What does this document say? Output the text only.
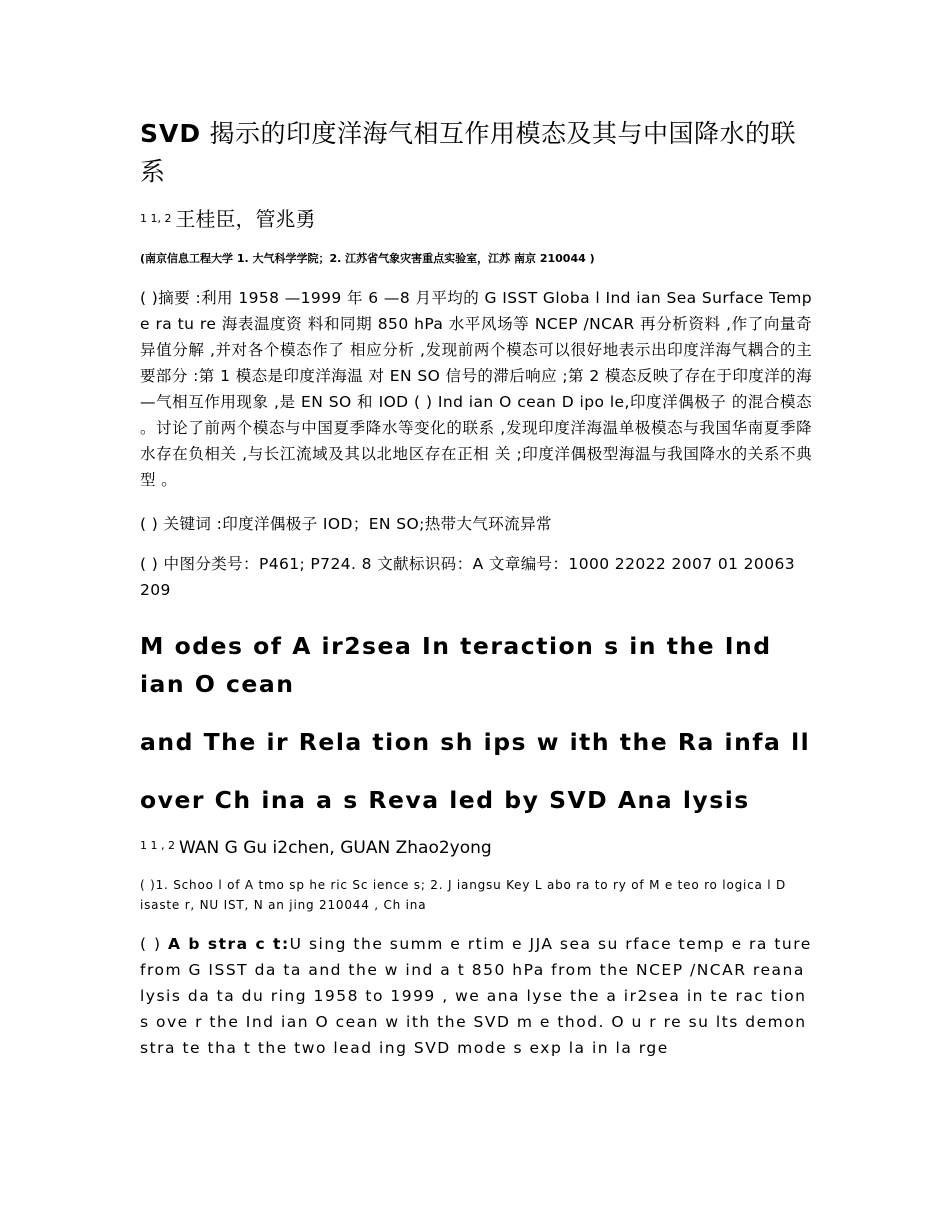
SVD 揭示的印度洋海气相互作用模态及其与中国降水的联系
$^{1 1, 2}$ 王桂臣，管兆勇
(南京信息工程大学 1. 大气科学学院；2. 江苏省气象灾害重点实验室，江苏 南京 210044 )

( )摘要 :利用 1958 —1999 年 6 —8 月平均的 G ISST Globa l Ind ian Sea Surface Temp e ra tu re 海表温度资 料和同期 850 hPa 水平风场等 NCEP /NCAR 再分析资料 ,作了向量奇异值分解 ,并对各个模态作了 相应分析 ,发现前两个模态可以很好地表示出印度洋海气耦合的主要部分 :第 1 模态是印度洋海温 对 EN SO 信号的滞后响应 ;第 2 模态反映了存在于印度洋的海 —气相互作用现象 ,是 EN SO 和 IOD ( ) Ind ian O cean D ipo le,印度洋偶极子 的混合模态 。讨论了前两个模态与中国夏季降水等变化的联系 ,发现印度洋海温单极模态与我国华南夏季降水存在负相关 ,与长江流域及其以北地区存在正相 关 ;印度洋偶极型海温与我国降水的关系不典型 。

( ) 关键词 :印度洋偶极子 IOD；EN SO;热带大气环流异常

( ) 中图分类号：P461; P724. 8 文献标识码：A 文章编号：1000 22022 2007 01 20063 209

M odes of A ir2sea In teraction s in the Ind ian O cean
and The ir Rela tion sh ips w ith the Ra infa ll
over Ch ina a s Reva led by SVD Ana lysis
$^{1 1 , 2}$ WAN G Gu i2chen, GUAN Zhao2yong
( )1. Schoo l of A tmo sp he ric Sc ience s; 2. J iangsu Key L abo ra to ry of M e teo ro logica l D isaste r, NU IST, N an jing 210044 , Ch ina

( ) A b stra c t:U sing the summ e rtim e JJA sea su rface temp e ra ture from G ISST da ta and the w ind a t 850 hPa from the NCEP /NCAR reana lysis da ta du ring 1958 to 1999 , we ana lyse the a ir2sea in te rac tion s ove r the Ind ian O cean w ith the SVD m e thod. O u r re su lts demon stra te tha t the two lead ing SVD mode s exp la in la rge
